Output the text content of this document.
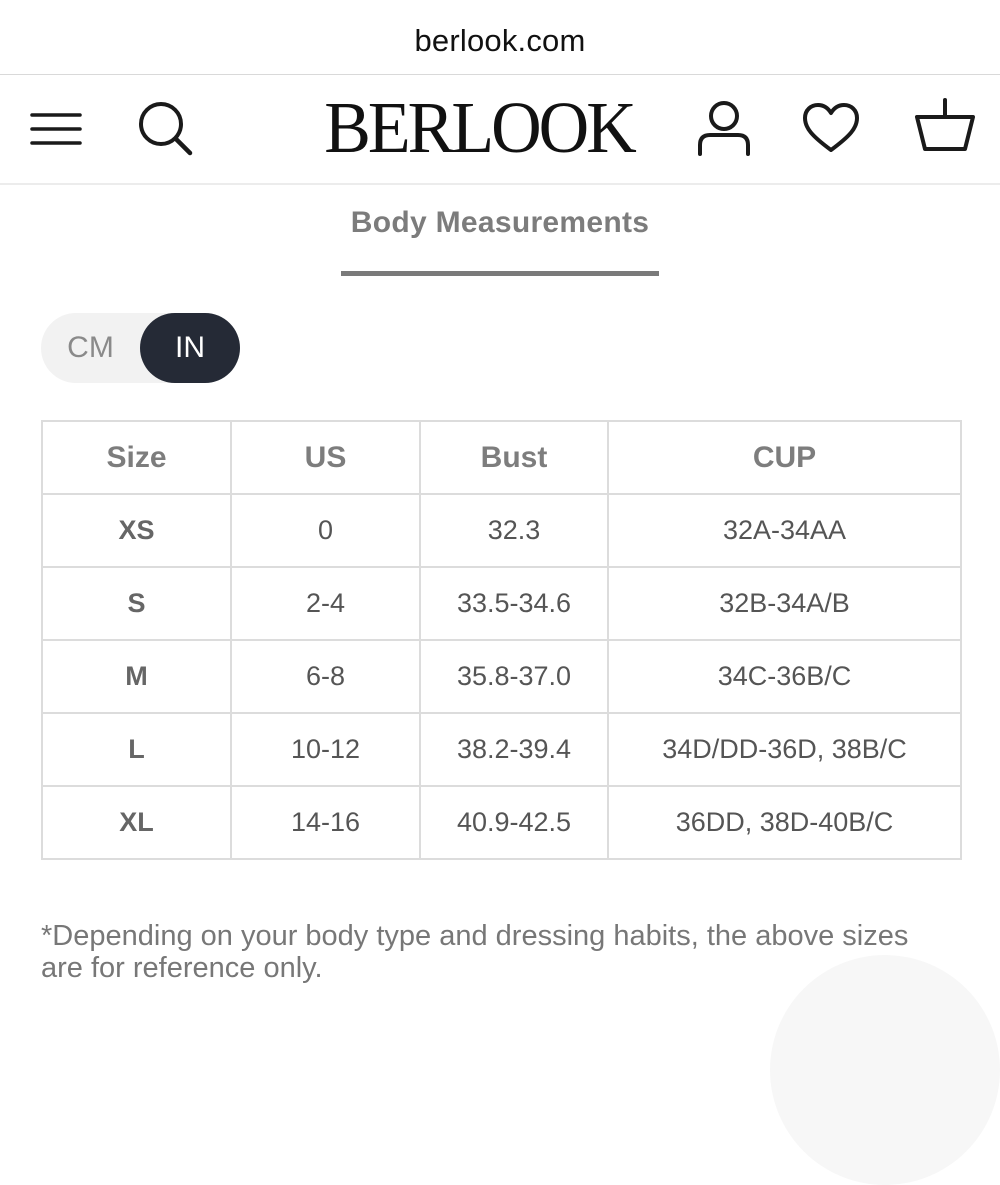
berlook.com
BERLOOK
Body Measurements
CM	IN
Size	US	Bust	CUP
XS	0	32.3	32A-34AA
S	2-4	33.5-34.6	32B-34A/B
M	6-8	35.8-37.0	34C-36B/C
L	10-12	38.2-39.4	34D/DD-36D, 38B/C
XL	14-16	40.9-42.5	36DD, 38D-40B/C
*Depending on your body type and dressing habits, the above sizes are for reference only.
